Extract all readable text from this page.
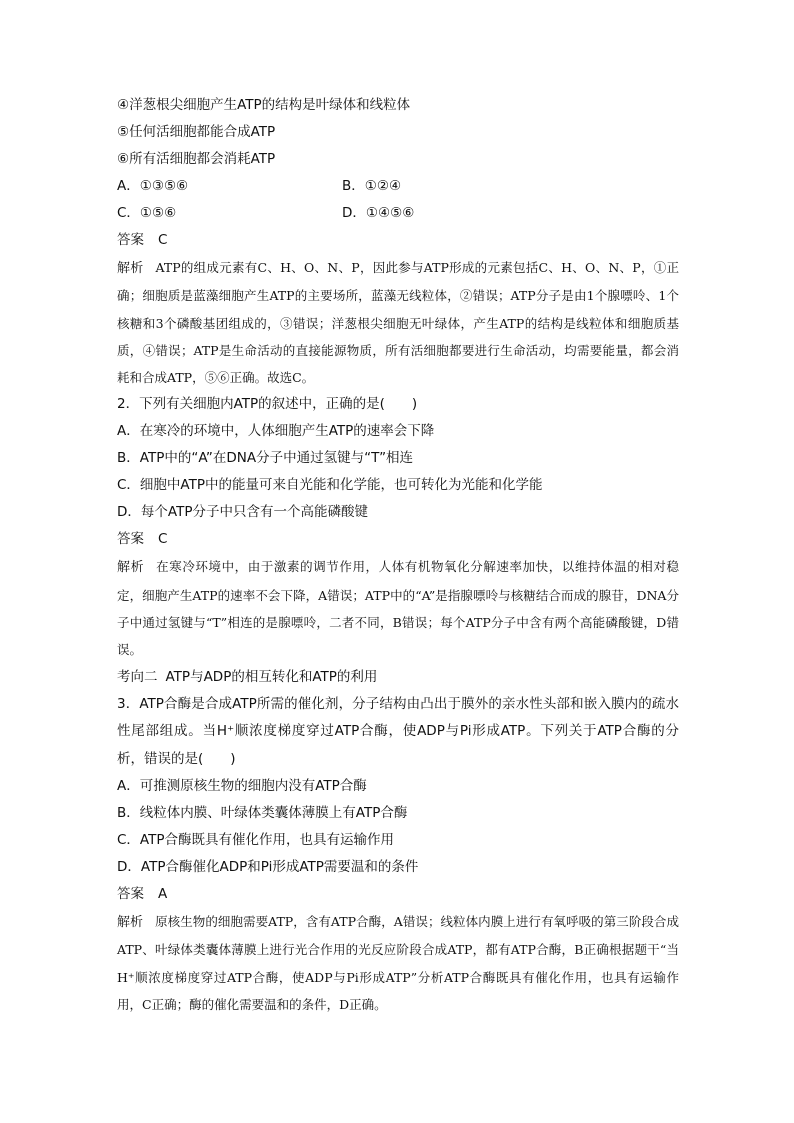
④洋葱根尖细胞产生ATP的结构是叶绿体和线粒体
⑤任何活细胞都能合成ATP
⑥所有活细胞都会消耗ATP
A．①③⑤⑥	B．①②④
C．①⑤⑥	D．①④⑤⑥
答案 C
解析 ATP的组成元素有C、H、O、N、P，因此参与ATP形成的元素包括C、H、O、N、P，①正确；细胞质是蓝藻细胞产生ATP的主要场所，蓝藻无线粒体，②错误；ATP分子是由1个腺嘌呤、1个核糖和3个磷酸基团组成的，③错误；洋葱根尖细胞无叶绿体，产生ATP的结构是线粒体和细胞质基质，④错误；ATP是生命活动的直接能源物质，所有活细胞都要进行生命活动，均需要能量，都会消耗和合成ATP，⑤⑥正确。故选C。
2．下列有关细胞内ATP的叙述中，正确的是(　　)
A．在寒冷的环境中，人体细胞产生ATP的速率会下降
B．ATP中的“A”在DNA分子中通过氢键与“T”相连
C．细胞中ATP中的能量可来自光能和化学能，也可转化为光能和化学能
D．每个ATP分子中只含有一个高能磷酸键
答案 C
解析 在寒冷环境中，由于激素的调节作用，人体有机物氧化分解速率加快，以维持体温的相对稳定，细胞产生ATP的速率不会下降，A错误；ATP中的“A”是指腺嘌呤与核糖结合而成的腺苷，DNA分子中通过氢键与“T”相连的是腺嘌呤，二者不同，B错误；每个ATP分子中含有两个高能磷酸键，D错误。
考向二 ATP与ADP的相互转化和ATP的利用
3．ATP合酶是合成ATP所需的催化剂，分子结构由凸出于膜外的亲水性头部和嵌入膜内的疏水性尾部组成。当H⁺顺浓度梯度穿过ATP合酶，使ADP与Pi形成ATP。下列关于ATP合酶的分析，错误的是(　　)
A．可推测原核生物的细胞内没有ATP合酶
B．线粒体内膜、叶绿体类囊体薄膜上有ATP合酶
C．ATP合酶既具有催化作用，也具有运输作用
D．ATP合酶催化ADP和Pi形成ATP需要温和的条件
答案 A
解析 原核生物的细胞需要ATP，含有ATP合酶，A错误；线粒体内膜上进行有氧呼吸的第三阶段合成ATP、叶绿体类囊体薄膜上进行光合作用的光反应阶段合成ATP，都有ATP合酶，B正确根据题干“当H⁺顺浓度梯度穿过ATP合酶，使ADP与Pi形成ATP”分析ATP合酶既具有催化作用，也具有运输作用，C正确；酶的催化需要温和的条件，D正确。
